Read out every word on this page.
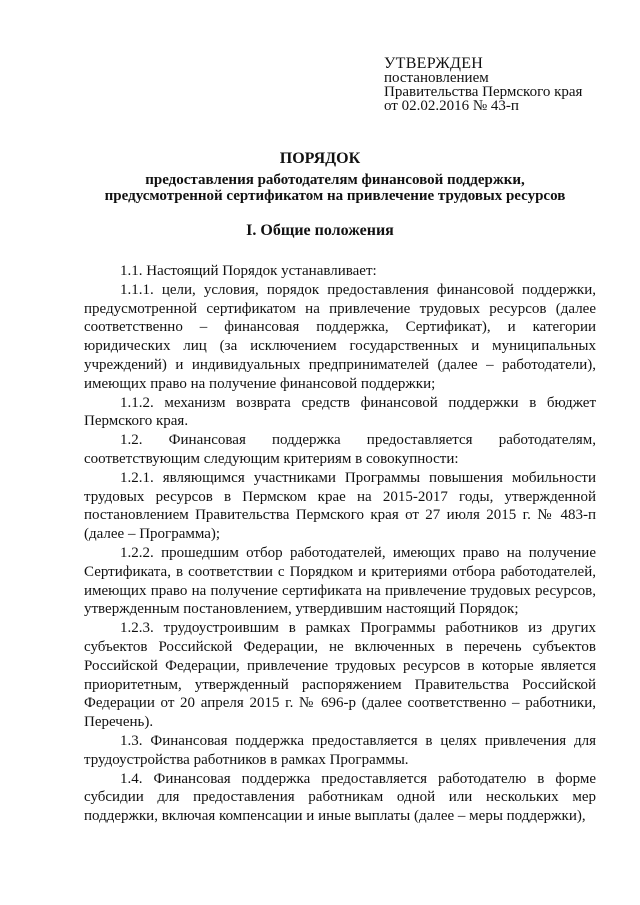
УТВЕРЖДЕН
постановлением
Правительства Пермского края
от 02.02.2016 № 43-п
ПОРЯДОК
предоставления работодателям финансовой поддержки, предусмотренной сертификатом на привлечение трудовых ресурсов
I. Общие положения

1.1. Настоящий Порядок устанавливает:

1.1.1. цели, условия, порядок предоставления финансовой поддержки, предусмотренной сертификатом на привлечение трудовых ресурсов (далее соответственно – финансовая поддержка, Сертификат), и категории юридических лиц (за исключением государственных и муниципальных учреждений) и индивидуальных предпринимателей (далее – работодатели), имеющих право на получение финансовой поддержки;

1.1.2. механизм возврата средств финансовой поддержки в бюджет Пермского края.

1.2. Финансовая поддержка предоставляется работодателям, соответствующим следующим критериям в совокупности:

1.2.1. являющимся участниками Программы повышения мобильности трудовых ресурсов в Пермском крае на 2015-2017 годы, утвержденной постановлением Правительства Пермского края от 27 июля 2015 г. № 483-п (далее – Программа);

1.2.2. прошедшим отбор работодателей, имеющих право на получение Сертификата, в соответствии с Порядком и критериями отбора работодателей, имеющих право на получение сертификата на привлечение трудовых ресурсов, утвержденным постановлением, утвердившим настоящий Порядок;

1.2.3. трудоустроившим в рамках Программы работников из других субъектов Российской Федерации, не включенных в перечень субъектов Российской Федерации, привлечение трудовых ресурсов в которые является приоритетным, утвержденный распоряжением Правительства Российской Федерации от 20 апреля 2015 г. № 696-р (далее соответственно – работники, Перечень).

1.3. Финансовая поддержка предоставляется в целях привлечения для трудоустройства работников в рамках Программы.

1.4. Финансовая поддержка предоставляется работодателю в форме субсидии для предоставления работникам одной или нескольких мер поддержки, включая компенсации и иные выплаты (далее – меры поддержки),
